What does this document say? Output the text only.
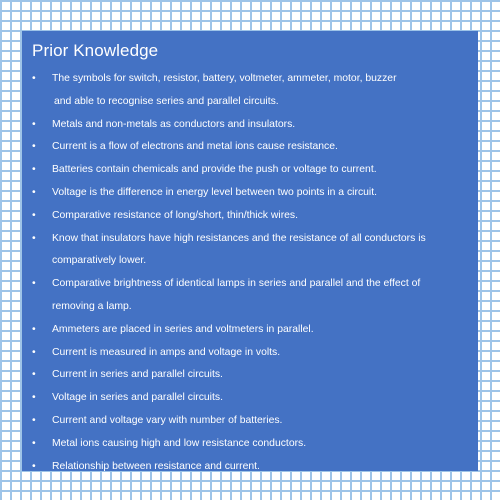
Prior Knowledge
• The symbols for switch, resistor, battery, voltmeter, ammeter, motor, buzzer
and able to recognise series and parallel circuits.
• Metals and non-metals as conductors and insulators.
• Current is a flow of electrons and metal ions cause resistance.
• Batteries contain chemicals and provide the push or voltage to current.
• Voltage is the difference in energy level between two points in a circuit.
• Comparative resistance of long/short, thin/thick wires.
• Know that insulators have high resistances and the resistance of all conductors is
comparatively lower.
• Comparative brightness of identical lamps in series and parallel and the effect of
removing a lamp.
• Ammeters are placed in series and voltmeters in parallel.
• Current is measured in amps and voltage in volts.
• Current in series and parallel circuits.
• Voltage in series and parallel circuits.
• Current and voltage vary with number of batteries.
• Metal ions causing high and low resistance conductors.
• Relationship between resistance and current.
